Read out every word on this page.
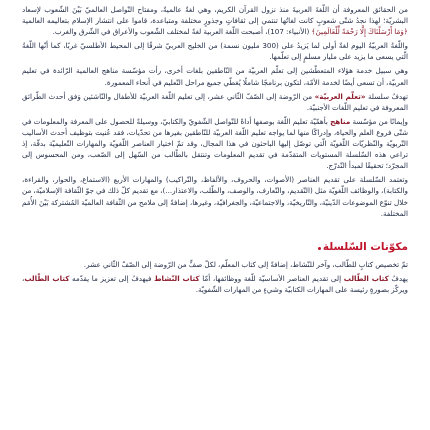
من الحقائق المعروفة أن اللّغةَ العربيةَ منذ نزول القرآن الكريم، وهي لغةٌ عالميةٌ، ومفتاح التّواصل العالميّ بَيْنَ الشّعوب لإسعاد البشريّة؛ لهذا نجدُ شتّى شعوبٍ كانت لغاتُها تنتمي إلى ثقافاتٍ وجذورٍ مختلفة ومتباعدة، قاموا على انتشار الإسلام بتعاليمه العالمية ﴿وَمَا أَرْسَلْنَاكَ إِلَّا رَحْمَةً لِّلْعَالَمِينَ﴾ (الأنبياء: 107)، أصبحت اللّغة العربية لغةً لمختلف الشّعوب والأعراق في الشّرق والغرب.

واللّغةُ العربيّةُ اليوم لغةٌ أولى لما يَزيدُ على (300 مليون نسمة) من الخليج العربيّ شرقًا إلى المحيط الأطلسيّ غربًا، كما أنّها اللّغةُ الّتي يسعى ما يزيد على مليار مسلمٍ إلى تعلّمها.

وهي سبيل خدمة هؤلاء المتعطّشين إلى تعلّم العربيّة من النّاطقين بلغات أخرى، رأت مؤسّسة مناهج العالمية الرّائدة في تعليم العربيّة، أن تسعى أيضًا لخدمة الأمّة، لتكون برنامجًا شاملًا يُغطّي جميع مراحل التّعليم في أنحاء المعمورة.

تهدفُ سلسلة «تعلّم العربيّة» من الرّوضة إلى الصّفّ الثّاني عشر، إلى تعليم اللّغة العربيّة للأطفال والنّاشئين وَفق أحدث الطّرائق المعروفة في تعليم اللّغات الأجنبيّة.

وإيمانًا من مؤسّسة مناهج بأهمّيّة تعليم اللّغة بوصفها أداةً للتّواصل الشّفويّ والكتابيّ، ووسيلةً للحصول على المعرفة والمعلومات في شتّى فروع العلم والحياة، وإدراكًا منها لما يواجه تعليم اللّغة العربيّة للنّاطقين بغيرها من تحدّيات، فقد عُنيت بتوظيف أحدث الأساليب التّربويّة والنّظريّات اللّغويّة الّتي توصّل إليها الباحثون في هذا المجال، وقد تمّ اختيار العناصر اللّغويّة والمهارات التّعليميّة بدقّة، إذ تراعي هذه السّلسلة المستويات المتقدّمة في تقديم المعلومات وتنتقل بالطّالب من السّهل إلى الصّعب، ومن المحسوس إلى المجرّد؛ تحقيقًا لمبدأ التّدرّج.

وتعتمد السّلسلة على تقديم العناصر (الأصوات، والحروف، والألفاظ، والتّراكيب) والمهارات الأربع (الاستماع، والحوار، والقراءة، والكتابة)، والوظائف اللّغويّة مثل (التّقديم، والتّعارف، والوصف، والطّلب، والاعتذار...)، مع تقديم كلّ ذلك في جوّ الثّقافة الإسلاميّة، من خلال تنوّع الموضوعات الدّينيّة، والتّاريخيّة، والاجتماعيّة، والجغرافيّة، وغيرها، إضافةً إلى ملامح من الثّقافة العالميّة المُشتركة بَيْنَ الأُمَم المختلفة.

مكوّنات السّلسلة

تمّ تخصيص كتابٍ للطّالب، وآخر للنّشاط، إضافةً إلى كتاب المعلّم، لكلّ صفٍّ من الرّوضة إلى الصّفّ الثّاني عشر.

يهدفُ كتاب الطّالب إلى تقديم العناصر الأساسيّة للّغة ووظائفها، أمّا كتاب النّشاط فيهدفُ إلى تعزيز ما يقدّمه كتاب الطّالب، ويركّز بصورةٍ رئيسة على المهارات الكتابيّة وشيءٍ من المهارات الشّفويّة.
